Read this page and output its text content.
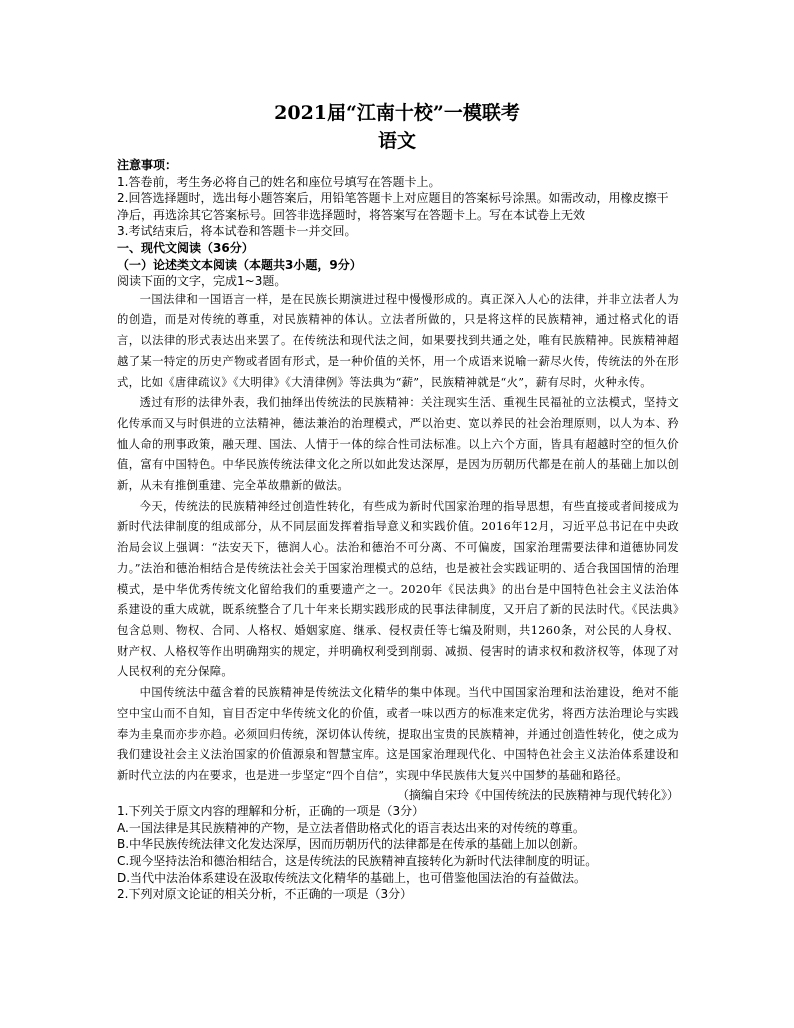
2021届“江南十校”一模联考
语文

注意事项：

1.答卷前，考生务必将自己的姓名和座位号填写在答题卡上。

2.回答选择题时，选出每小题答案后，用铅笔答题卡上对应题目的答案标号涂黑。如需改动，用橡皮擦干净后，再选涂其它答案标号。回答非选择题时，将答案写在答题卡上。写在本试卷上无效

3.考试结束后，将本试卷和答题卡一并交回。

一、现代文阅读（36分）

（一）论述类文本阅读（本题共3小题，9分）

阅读下面的文字，完成1~3题。

一国法律和一国语言一样，是在民族长期演进过程中慢慢形成的。真正深入人心的法律，并非立法者人为的创造，而是对传统的尊重，对民族精神的体认。立法者所做的，只是将这样的民族精神，通过格式化的语言，以法律的形式表达出来罢了。在传统法和现代法之间，如果要找到共通之处，唯有民族精神。民族精神超越了某一特定的历史产物或者固有形式，是一种价值的关怀，用一个成语来说喻一薪尽火传，传统法的外在形式，比如《唐律疏议》《大明律》《大清律例》等法典为“薪”，民族精神就是“火”，薪有尽时，火种永传。

透过有形的法律外表，我们抽绎出传统法的民族精神：关注现实生活、重视生民福祉的立法模式，坚持文化传承而又与时俱进的立法精神，德法兼治的治理模式，严以治吏、宽以养民的社会治理原则，以人为本、矜恤人命的刑事政策，融天理、国法、人情于一体的综合性司法标准。以上六个方面，皆具有超越时空的恒久价值，富有中国特色。中华民族传统法律文化之所以如此发达深厚，是因为历朝历代都是在前人的基础上加以创新，从未有推倒重建、完全革故鼎新的做法。

今天，传统法的民族精神经过创造性转化，有些成为新时代国家治理的指导思想，有些直接或者间接成为新时代法律制度的组成部分，从不同层面发挥着指导意义和实践价值。2016年12月，习近平总书记在中央政治局会议上强调：“法安天下，德润人心。法治和德治不可分离、不可偏废，国家治理需要法律和道德协同发力。”法治和德治相结合是传统法社会关于国家治理模式的总结，也是被社会实践证明的、适合我国国情的治理模式，是中华优秀传统文化留给我们的重要遗产之一。2020年《民法典》的出台是中国特色社会主义法治体系建设的重大成就，既系统整合了几十年来长期实践形成的民事法律制度，又开启了新的民法时代。《民法典》包含总则、物权、合同、人格权、婚姻家庭、继承、侵权责任等七编及附则，共1260条，对公民的人身权、财产权、人格权等作出明确翔实的规定，并明确权利受到削弱、减损、侵害时的请求权和救济权等，体现了对人民权利的充分保障。

中国传统法中蕴含着的民族精神是传统法文化精华的集中体现。当代中国国家治理和法治建设，绝对不能空中宝山而不自知，盲目否定中华传统文化的价值，或者一味以西方的标准来定优劣，将西方法治理论与实践奉为圭臬而亦步亦趋。必须回归传统，深切体认传统，提取出宝贵的民族精神，并通过创造性转化，使之成为我们建设社会主义法治国家的价值源泉和智慧宝库。这是国家治理现代化、中国特色社会主义法治体系建设和新时代立法的内在要求，也是进一步坚定“四个自信”，实现中华民族伟大复兴中国梦的基础和路径。

（摘编自宋玲《中国传统法的民族精神与现代转化》）

1.下列关于原文内容的理解和分析，正确的一项是（3分）

A.一国法律是其民族精神的产物，是立法者借助格式化的语言表达出来的对传统的尊重。

B.中华民族传统法律文化发达深厚，因而历朝历代的法律都是在传承的基础上加以创新。

C.现今坚持法治和德治相结合，这是传统法的民族精神直接转化为新时代法律制度的明证。

D.当代中法治体系建设在汲取传统法文化精华的基础上，也可借鉴他国法治的有益做法。

2.下列对原文论证的相关分析，不正确的一项是（3分）
